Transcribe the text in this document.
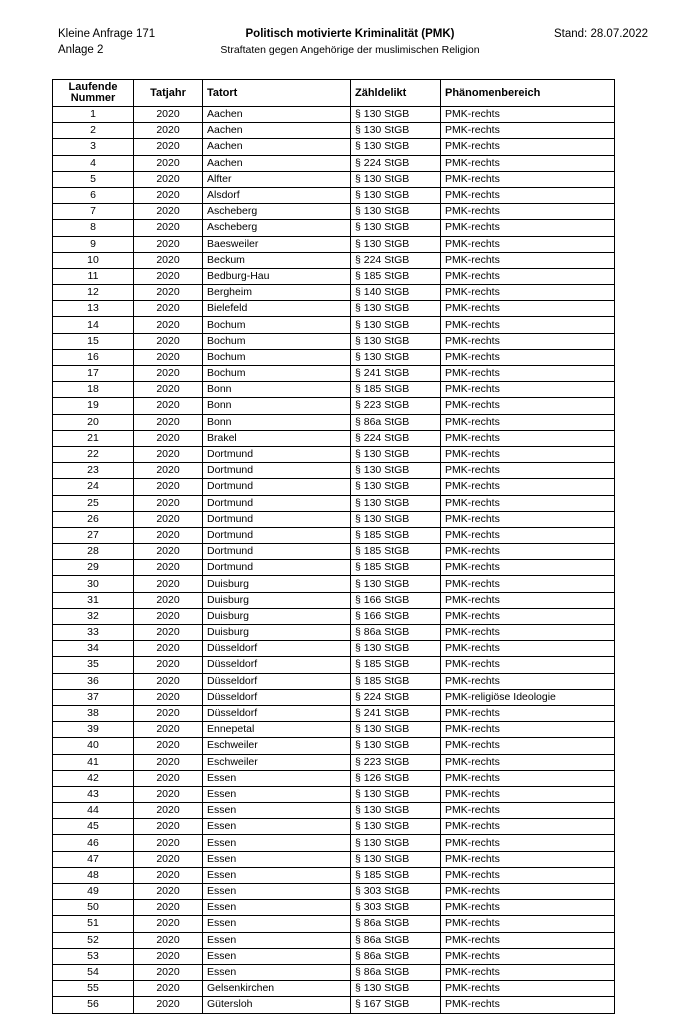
Kleine Anfrage 171
Anlage 2
Politisch motivierte Kriminalität (PMK)
Straftaten gegen Angehörige der muslimischen Religion
Stand: 28.07.2022
Laufende
Nummer	Tatjahr	Tatort	Zähldelikt	Phänomenbereich
1	2020	Aachen	§ 130 StGB	PMK-rechts
2	2020	Aachen	§ 130 StGB	PMK-rechts
3	2020	Aachen	§ 130 StGB	PMK-rechts
4	2020	Aachen	§ 224 StGB	PMK-rechts
5	2020	Alfter	§ 130 StGB	PMK-rechts
6	2020	Alsdorf	§ 130 StGB	PMK-rechts
7	2020	Ascheberg	§ 130 StGB	PMK-rechts
8	2020	Ascheberg	§ 130 StGB	PMK-rechts
9	2020	Baesweiler	§ 130 StGB	PMK-rechts
10	2020	Beckum	§ 224 StGB	PMK-rechts
11	2020	Bedburg-Hau	§ 185 StGB	PMK-rechts
12	2020	Bergheim	§ 140 StGB	PMK-rechts
13	2020	Bielefeld	§ 130 StGB	PMK-rechts
14	2020	Bochum	§ 130 StGB	PMK-rechts
15	2020	Bochum	§ 130 StGB	PMK-rechts
16	2020	Bochum	§ 130 StGB	PMK-rechts
17	2020	Bochum	§ 241 StGB	PMK-rechts
18	2020	Bonn	§ 185 StGB	PMK-rechts
19	2020	Bonn	§ 223 StGB	PMK-rechts
20	2020	Bonn	§ 86a StGB	PMK-rechts
21	2020	Brakel	§ 224 StGB	PMK-rechts
22	2020	Dortmund	§ 130 StGB	PMK-rechts
23	2020	Dortmund	§ 130 StGB	PMK-rechts
24	2020	Dortmund	§ 130 StGB	PMK-rechts
25	2020	Dortmund	§ 130 StGB	PMK-rechts
26	2020	Dortmund	§ 130 StGB	PMK-rechts
27	2020	Dortmund	§ 185 StGB	PMK-rechts
28	2020	Dortmund	§ 185 StGB	PMK-rechts
29	2020	Dortmund	§ 185 StGB	PMK-rechts
30	2020	Duisburg	§ 130 StGB	PMK-rechts
31	2020	Duisburg	§ 166 StGB	PMK-rechts
32	2020	Duisburg	§ 166 StGB	PMK-rechts
33	2020	Duisburg	§ 86a StGB	PMK-rechts
34	2020	Düsseldorf	§ 130 StGB	PMK-rechts
35	2020	Düsseldorf	§ 185 StGB	PMK-rechts
36	2020	Düsseldorf	§ 185 StGB	PMK-rechts
37	2020	Düsseldorf	§ 224 StGB	PMK-religiöse Ideologie
38	2020	Düsseldorf	§ 241 StGB	PMK-rechts
39	2020	Ennepetal	§ 130 StGB	PMK-rechts
40	2020	Eschweiler	§ 130 StGB	PMK-rechts
41	2020	Eschweiler	§ 223 StGB	PMK-rechts
42	2020	Essen	§ 126 StGB	PMK-rechts
43	2020	Essen	§ 130 StGB	PMK-rechts
44	2020	Essen	§ 130 StGB	PMK-rechts
45	2020	Essen	§ 130 StGB	PMK-rechts
46	2020	Essen	§ 130 StGB	PMK-rechts
47	2020	Essen	§ 130 StGB	PMK-rechts
48	2020	Essen	§ 185 StGB	PMK-rechts
49	2020	Essen	§ 303 StGB	PMK-rechts
50	2020	Essen	§ 303 StGB	PMK-rechts
51	2020	Essen	§ 86a StGB	PMK-rechts
52	2020	Essen	§ 86a StGB	PMK-rechts
53	2020	Essen	§ 86a StGB	PMK-rechts
54	2020	Essen	§ 86a StGB	PMK-rechts
55	2020	Gelsenkirchen	§ 130 StGB	PMK-rechts
56	2020	Gütersloh	§ 167 StGB	PMK-rechts
